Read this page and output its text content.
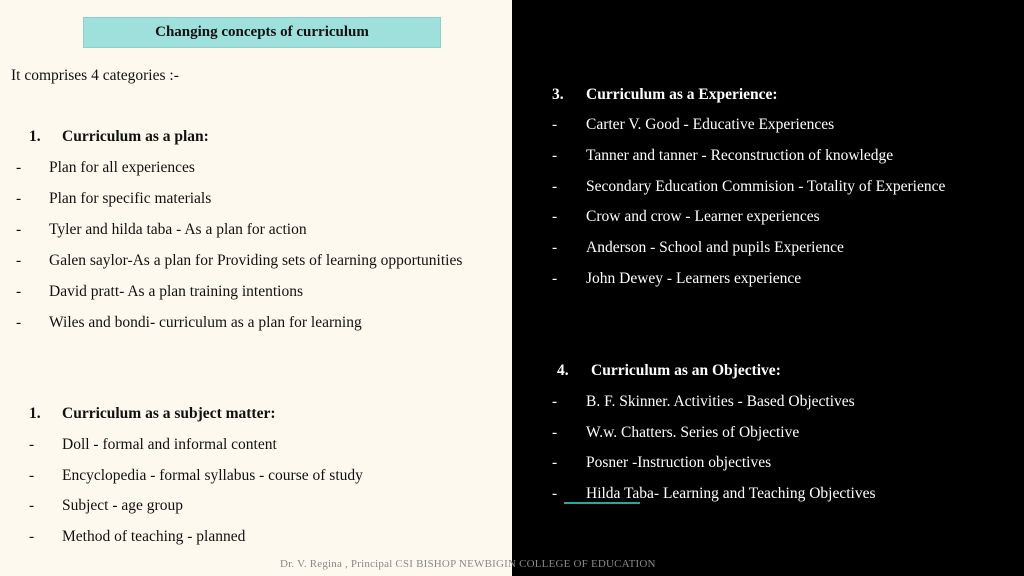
Changing concepts of curriculum
It comprises 4 categories :-
1. Curriculum as a plan:
- Plan for all experiences
- Plan for specific materials
- Tyler and hilda taba - As a plan for action
- Galen saylor-As a plan for Providing sets of learning opportunities
- David pratt- As a plan training intentions
- Wiles and bondi- curriculum as a plan for learning
1. Curriculum as a subject matter:
- Doll - formal and informal content
- Encyclopedia - formal syllabus - course of study
- Subject - age group
- Method of teaching - planned
3. Curriculum as a Experience:
- Carter V. Good - Educative Experiences
- Tanner and tanner - Reconstruction of knowledge
- Secondary Education Commision - Totality of Experience
- Crow and crow - Learner experiences
- Anderson - School and pupils Experience
- John Dewey - Learners experience
4. Curriculum as an Objective:
- B. F. Skinner. Activities - Based Objectives
- W.w. Chatters. Series of Objective
- Posner -Instruction objectives
- Hilda Taba- Learning and Teaching Objectives
Dr. V. Regina , Principal CSI BISHOP NEWBIGIN COLLEGE OF EDUCATION
